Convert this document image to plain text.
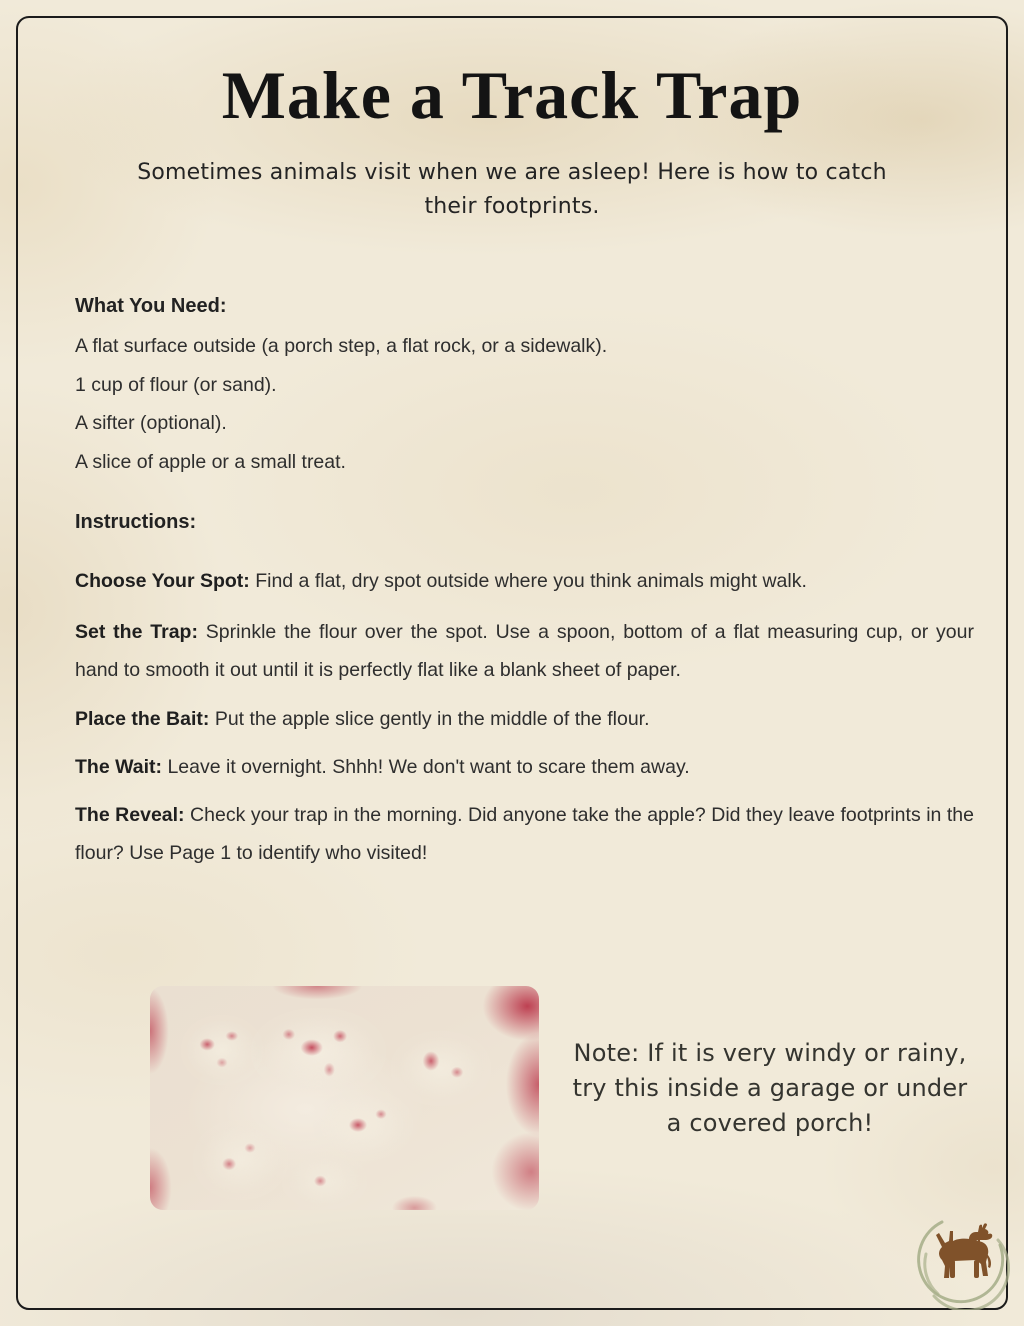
Make a Track Trap

Sometimes animals visit when we are asleep! Here is how to catch their footprints.

What You Need:

A flat surface outside (a porch step, a flat rock, or a sidewalk).

1 cup of flour (or sand).

A sifter (optional).

A slice of apple or a small treat.

Instructions:

Choose Your Spot: Find a flat, dry spot outside where you think animals might walk.

Set the Trap: Sprinkle the flour over the spot. Use a spoon, bottom of a flat measuring cup, or your hand to smooth it out until it is perfectly flat like a blank sheet of paper.

Place the Bait: Put the apple slice gently in the middle of the flour.

The Wait: Leave it overnight. Shhh! We don't want to scare them away.

The Reveal: Check your trap in the morning. Did anyone take the apple? Did they leave footprints in the flour? Use Page 1 to identify who visited!

Note: If it is very windy or rainy, try this inside a garage or under a covered porch!
